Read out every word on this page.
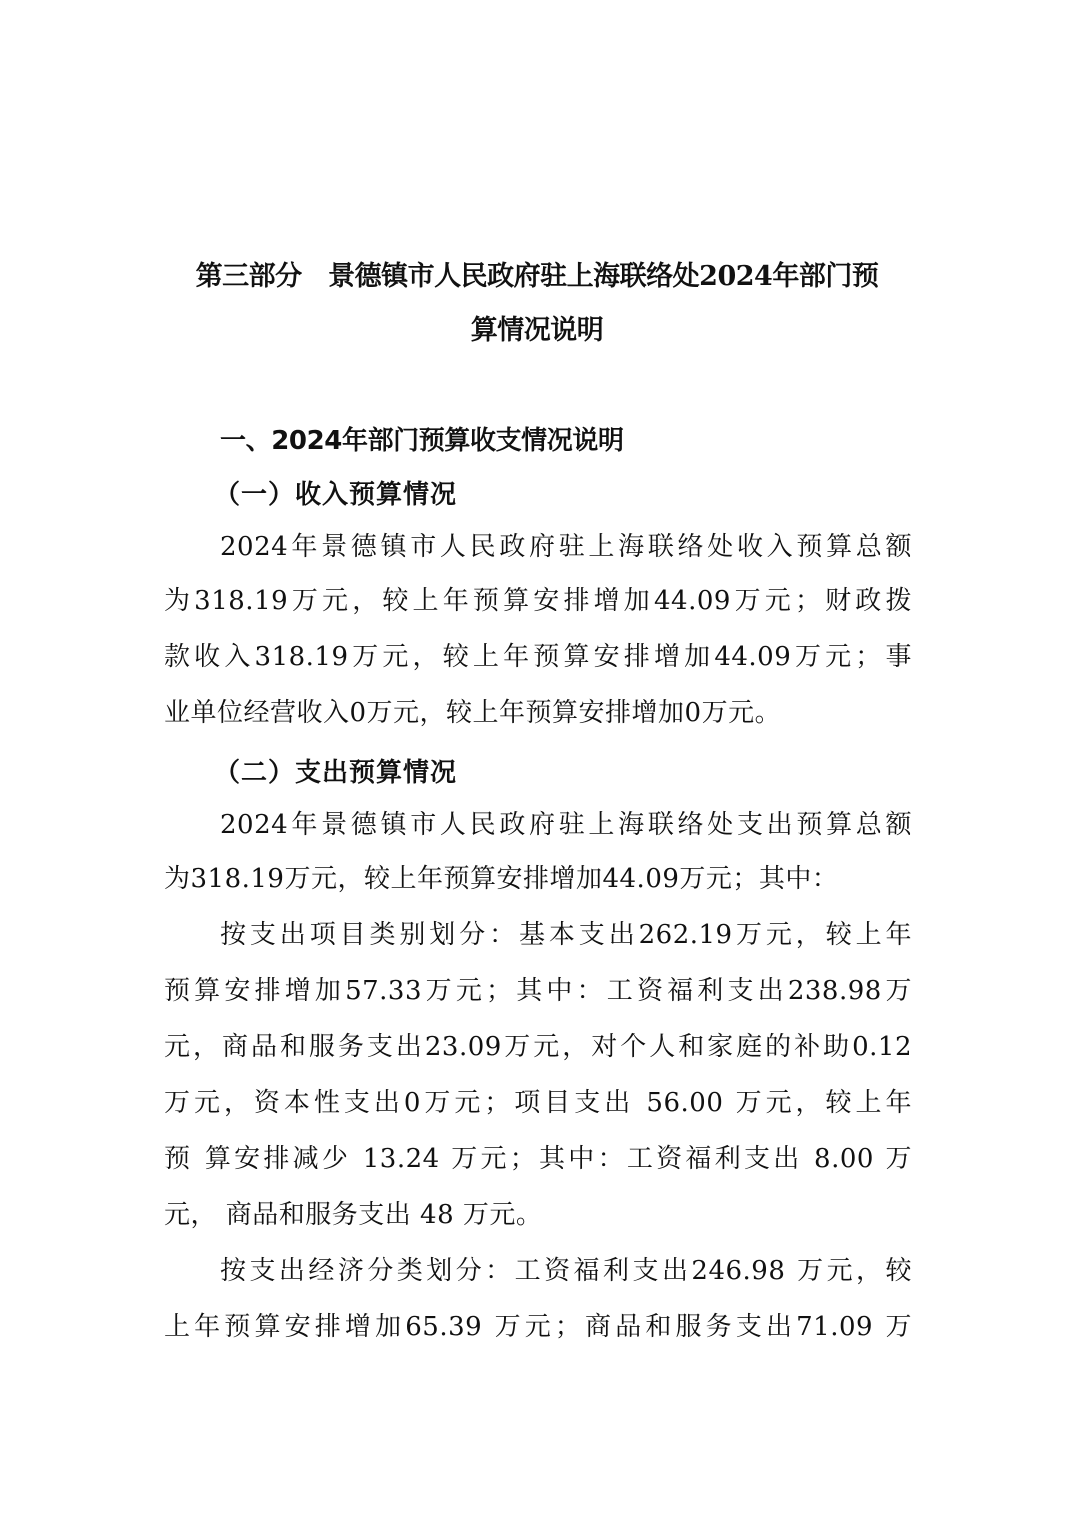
第三部分　景德镇市人民政府驻上海联络处2024年部门预
算情况说明
一、2024年部门预算收支情况说明
（一）收入预算情况
2024年景德镇市人民政府驻上海联络处收入预算总额
为318.19万元，较上年预算安排增加44.09万元；财政拨
款收入318.19万元，较上年预算安排增加44.09万元；事
业单位经营收入0万元，较上年预算安排增加0万元。
（二）支出预算情况
2024年景德镇市人民政府驻上海联络处支出预算总额
为318.19万元，较上年预算安排增加44.09万元；其中：
按支出项目类别划分：基本支出262.19万元，较上年
预算安排增加57.33万元；其中：工资福利支出238.98万
元，商品和服务支出23.09万元，对个人和家庭的补助0.12
万元，资本性支出0万元；项目支出 56.00 万元，较上年
预 算安排减少 13.24 万元；其中：工资福利支出 8.00 万
元， 商品和服务支出 48 万元。
按支出经济分类划分：工资福利支出246.98 万元，较
上年预算安排增加65.39 万元；商品和服务支出71.09 万
